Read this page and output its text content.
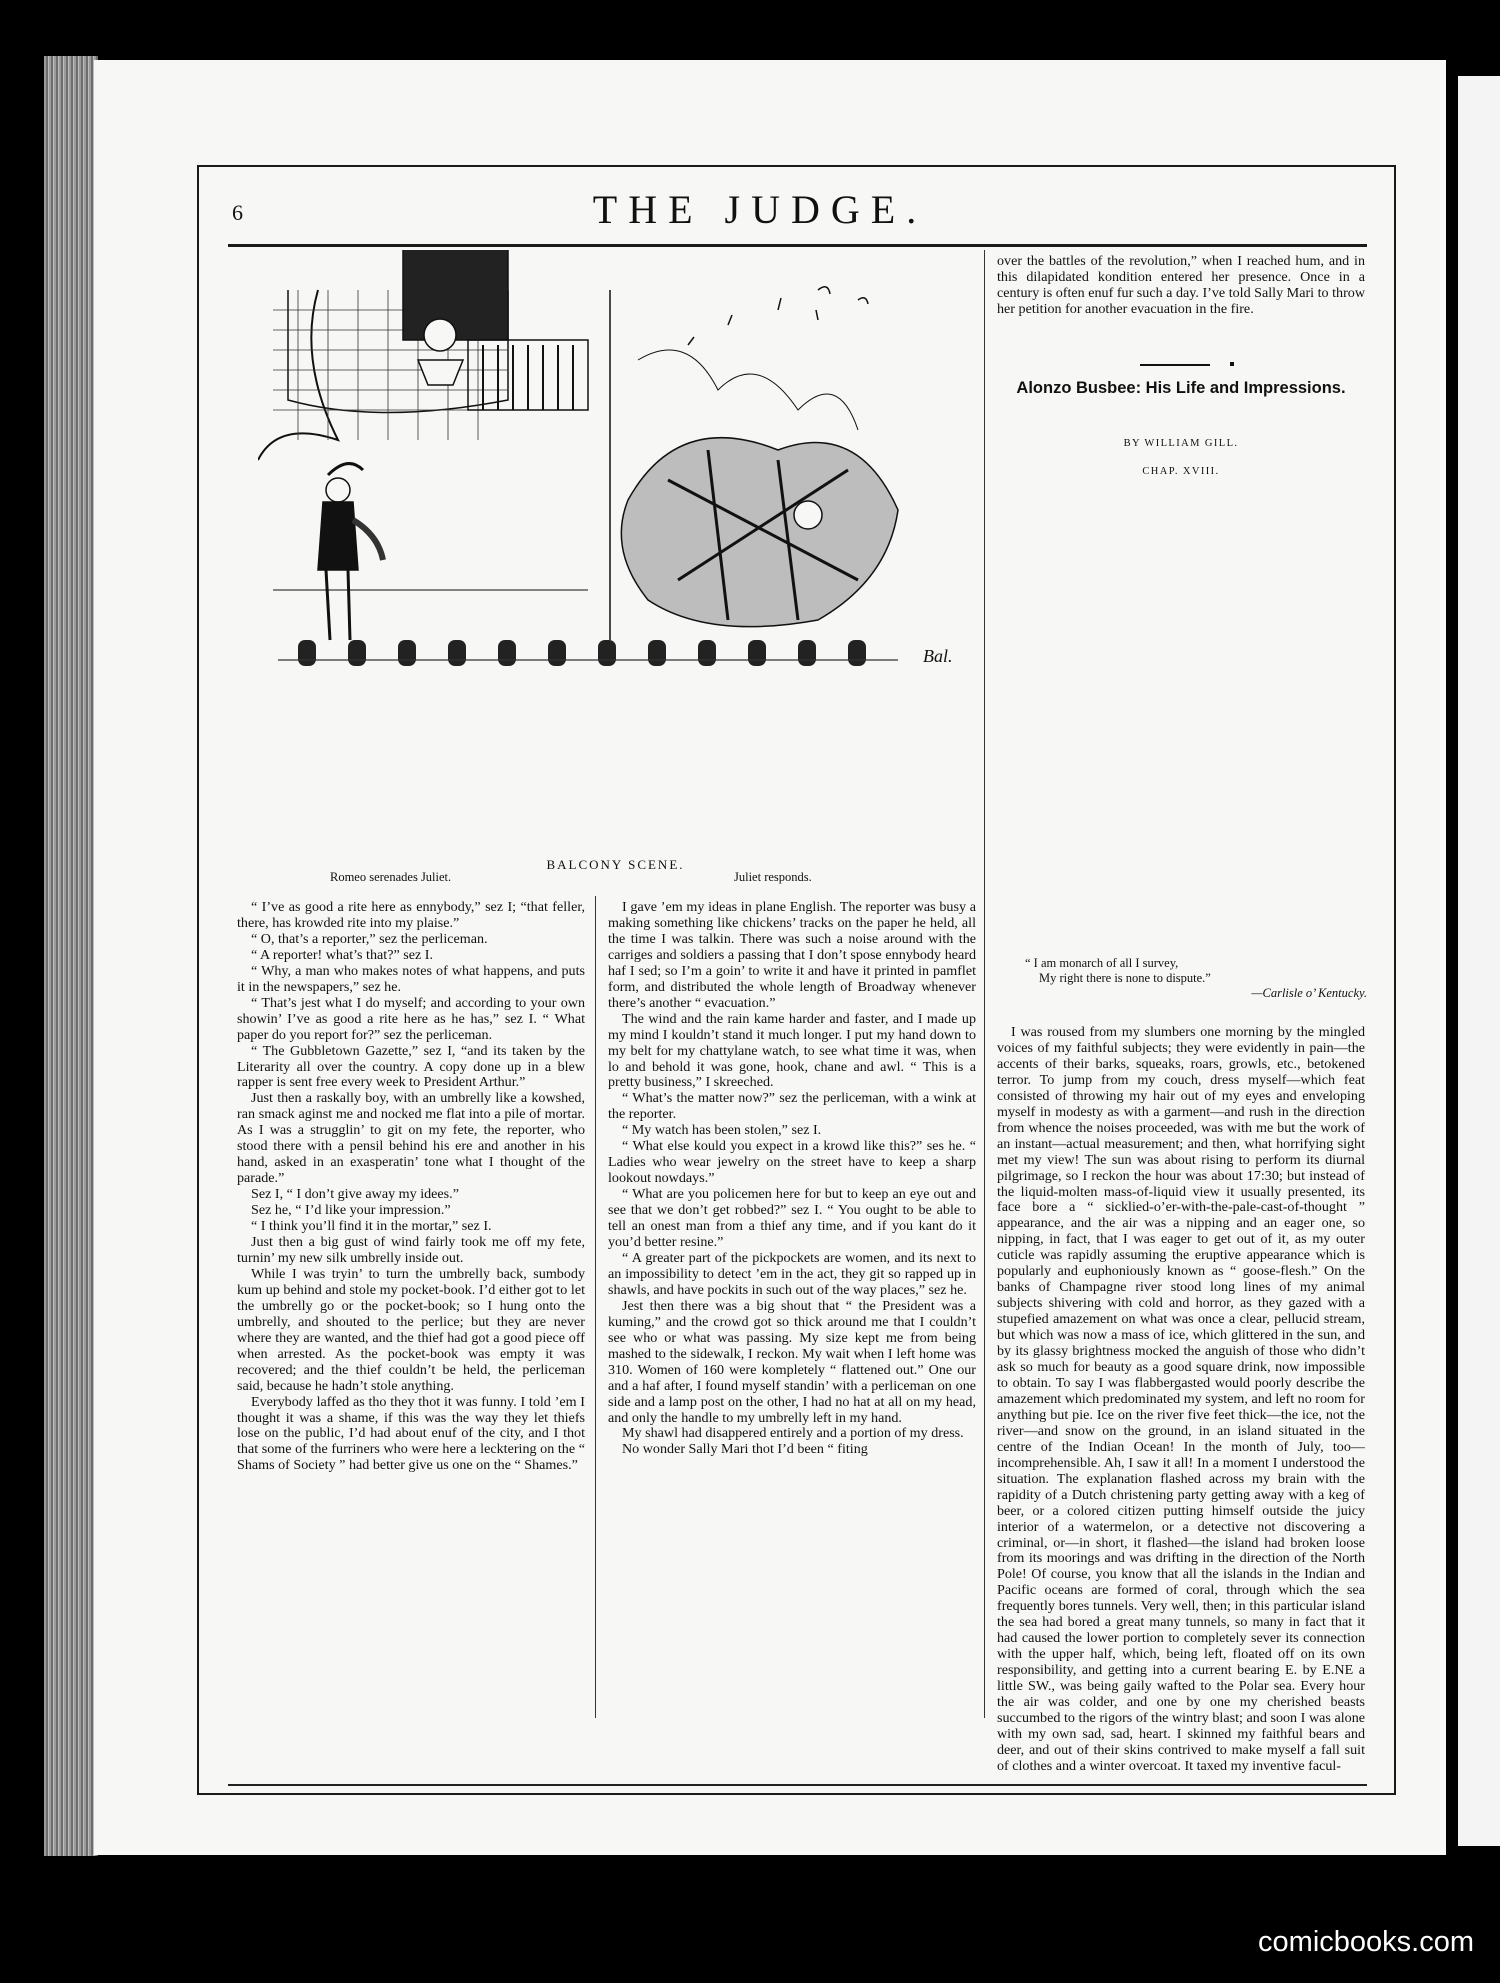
6	THE JUDGE.
Bal.
BALCONY SCENE.
Romeo serenades Juliet.	Juliet responds.

“ I’ve as good a rite here as ennybody,” sez I; “that feller, there, has krowded rite into my plaise.”

“ O, that’s a reporter,” sez the perliceman.

“ A reporter! what’s that?” sez I.

“ Why, a man who makes notes of what happens, and puts it in the newspapers,” sez he.

“ That’s jest what I do myself; and according to your own showin’ I’ve as good a rite here as he has,” sez I. “ What paper do you report for?” sez the perliceman.

“ The Gubbletown Gazette,” sez I, “and its taken by the Literarity all over the country. A copy done up in a blew rapper is sent free every week to President Arthur.”

Just then a raskally boy, with an umbrelly like a kowshed, ran smack aginst me and nocked me flat into a pile of mortar. As I was a strugglin’ to git on my fete, the reporter, who stood there with a pensil behind his ere and another in his hand, asked in an exasperatin’ tone what I thought of the parade.”

Sez I, “ I don’t give away my idees.”

Sez he, “ I’d like your impression.”

“ I think you’ll find it in the mortar,” sez I.

Just then a big gust of wind fairly took me off my fete, turnin’ my new silk umbrelly inside out.

While I was tryin’ to turn the umbrelly back, sumbody kum up behind and stole my pocket-book. I’d either got to let the umbrelly go or the pocket-book; so I hung onto the umbrelly, and shouted to the perlice; but they are never where they are wanted, and the thief had got a good piece off when arrested. As the pocket-book was empty it was recovered; and the thief couldn’t be held, the perliceman said, because he hadn’t stole anything.

Everybody laffed as tho they thot it was funny. I told ’em I thought it was a shame, if this was the way they let thiefs lose on the public, I’d had about enuf of the city, and I thot that some of the furriners who were here a lecktering on the “ Shams of Society ” had better give us one on the “ Shames.”

I gave ’em my ideas in plane English. The reporter was busy a making something like chickens’ tracks on the paper he held, all the time I was talkin. There was such a noise around with the carriges and soldiers a passing that I don’t spose ennybody heard haf I sed; so I’m a goin’ to write it and have it printed in pamflet form, and distributed the whole length of Broadway whenever there’s another “ evacuation.”

The wind and the rain kame harder and faster, and I made up my mind I kouldn’t stand it much longer. I put my hand down to my belt for my chattylane watch, to see what time it was, when lo and behold it was gone, hook, chane and awl. “ This is a pretty business,” I skreeched.

“ What’s the matter now?” sez the perliceman, with a wink at the reporter.

“ My watch has been stolen,” sez I.

“ What else kould you expect in a krowd like this?” ses he. “ Ladies who wear jewelry on the street have to keep a sharp lookout nowdays.”

“ What are you policemen here for but to keep an eye out and see that we don’t get robbed?” sez I. “ You ought to be able to tell an onest man from a thief any time, and if you kant do it you’d better resine.”

“ A greater part of the pickpockets are women, and its next to an impossibility to detect ’em in the act, they git so rapped up in shawls, and have pockits in such out of the way places,” sez he.

Jest then there was a big shout that “ the President was a kuming,” and the crowd got so thick around me that I couldn’t see who or what was passing. My size kept me from being mashed to the sidewalk, I reckon. My wait when I left home was 310. Women of 160 were kompletely “ flattened out.” One our and a haf after, I found myself standin’ with a perliceman on one side and a lamp post on the other, I had no hat at all on my head, and only the handle to my umbrelly left in my hand.

My shawl had disappered entirely and a portion of my dress.

No wonder Sally Mari thot I’d been “ fiting

over the battles of the revolution,” when I reached hum, and in this dilapidated kondition entered her presence. Once in a century is often enuf fur such a day. I’ve told Sally Mari to throw her petition for another evacuation in the fire.

Alonzo Busbee: His Life and Impressions.
BY WILLIAM GILL.
CHAP. XVIII.
“ I am monarch of all I survey,
My right there is none to dispute.”
—Carlisle o’ Kentucky.

I was roused from my slumbers one morning by the mingled voices of my faithful subjects; they were evidently in pain—the accents of their barks, squeaks, roars, growls, etc., betokened terror. To jump from my couch, dress myself—which feat consisted of throwing my hair out of my eyes and enveloping myself in modesty as with a garment—and rush in the direction from whence the noises proceeded, was with me but the work of an instant—actual measurement; and then, what horrifying sight met my view! The sun was about rising to perform its diurnal pilgrimage, so I reckon the hour was about 17:30; but instead of the liquid-molten mass-of-liquid view it usually presented, its face bore a “ sicklied-o’er-with-the-pale-cast-of-thought ” appearance, and the air was a nipping and an eager one, so nipping, in fact, that I was eager to get out of it, as my outer cuticle was rapidly assuming the eruptive appearance which is popularly and euphoniously known as “ goose-flesh.” On the banks of Champagne river stood long lines of my animal subjects shivering with cold and horror, as they gazed with a stupefied amazement on what was once a clear, pellucid stream, but which was now a mass of ice, which glittered in the sun, and by its glassy brightness mocked the anguish of those who didn’t ask so much for beauty as a good square drink, now impossible to obtain. To say I was flabbergasted would poorly describe the amazement which predominated my system, and left no room for anything but pie. Ice on the river five feet thick—the ice, not the river—and snow on the ground, in an island situated in the centre of the Indian Ocean! In the month of July, too—incomprehensible. Ah, I saw it all! In a moment I understood the situation. The explanation flashed across my brain with the rapidity of a Dutch christening party getting away with a keg of beer, or a colored citizen putting himself outside the juicy interior of a watermelon, or a detective not discovering a criminal, or—in short, it flashed—the island had broken loose from its moorings and was drifting in the direction of the North Pole! Of course, you know that all the islands in the Indian and Pacific oceans are formed of coral, through which the sea frequently bores tunnels. Very well, then; in this particular island the sea had bored a great many tunnels, so many in fact that it had caused the lower portion to completely sever its connection with the upper half, which, being left, floated off on its own responsibility, and getting into a current bearing E. by E.NE a little SW., was being gaily wafted to the Polar sea. Every hour the air was colder, and one by one my cherished beasts succumbed to the rigors of the wintry blast; and soon I was alone with my own sad, sad, heart. I skinned my faithful bears and deer, and out of their skins contrived to make myself a fall suit of clothes and a winter overcoat. It taxed my inventive facul-

comicbooks.com
